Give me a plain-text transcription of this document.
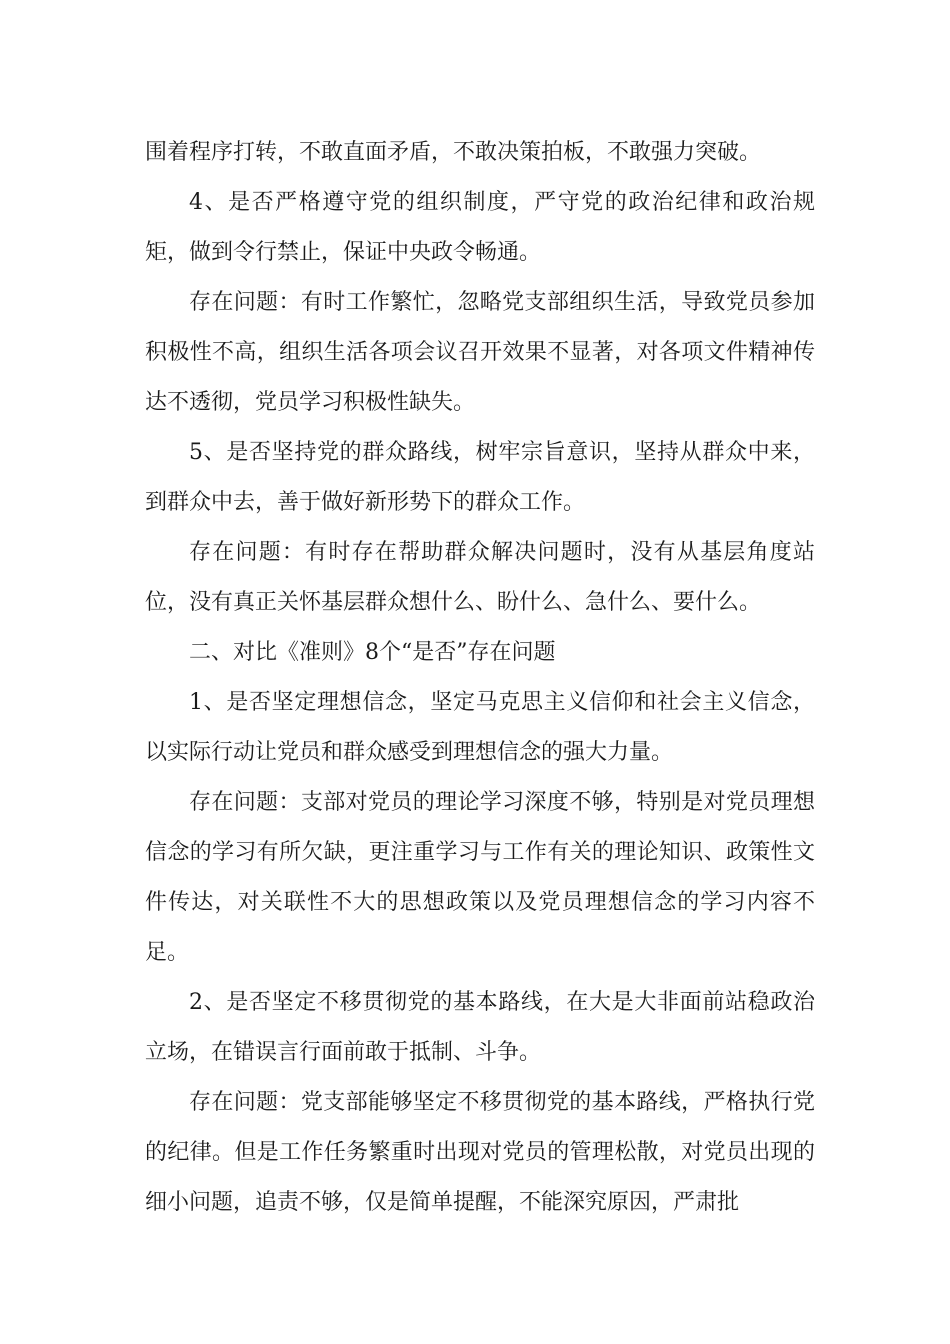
围着程序打转，不敢直面矛盾，不敢决策拍板，不敢强力突破。

4、是否严格遵守党的组织制度，严守党的政治纪律和政治规矩，做到令行禁止，保证中央政令畅通。

存在问题：有时工作繁忙，忽略党支部组织生活，导致党员参加积极性不高，组织生活各项会议召开效果不显著，对各项文件精神传达不透彻，党员学习积极性缺失。

5、是否坚持党的群众路线，树牢宗旨意识，坚持从群众中来，到群众中去，善于做好新形势下的群众工作。

存在问题：有时存在帮助群众解决问题时，没有从基层角度站位，没有真正关怀基层群众想什么、盼什么、急什么、要什么。

二、对比《准则》8个“是否”存在问题

1、是否坚定理想信念，坚定马克思主义信仰和社会主义信念，以实际行动让党员和群众感受到理想信念的强大力量。

存在问题：支部对党员的理论学习深度不够，特别是对党员理想信念的学习有所欠缺，更注重学习与工作有关的理论知识、政策性文件传达，对关联性不大的思想政策以及党员理想信念的学习内容不足。

2、是否坚定不移贯彻党的基本路线，在大是大非面前站稳政治立场，在错误言行面前敢于抵制、斗争。

存在问题：党支部能够坚定不移贯彻党的基本路线，严格执行党的纪律。但是工作任务繁重时出现对党员的管理松散，对党员出现的细小问题，追责不够，仅是简单提醒，不能深究原因，严肃批
